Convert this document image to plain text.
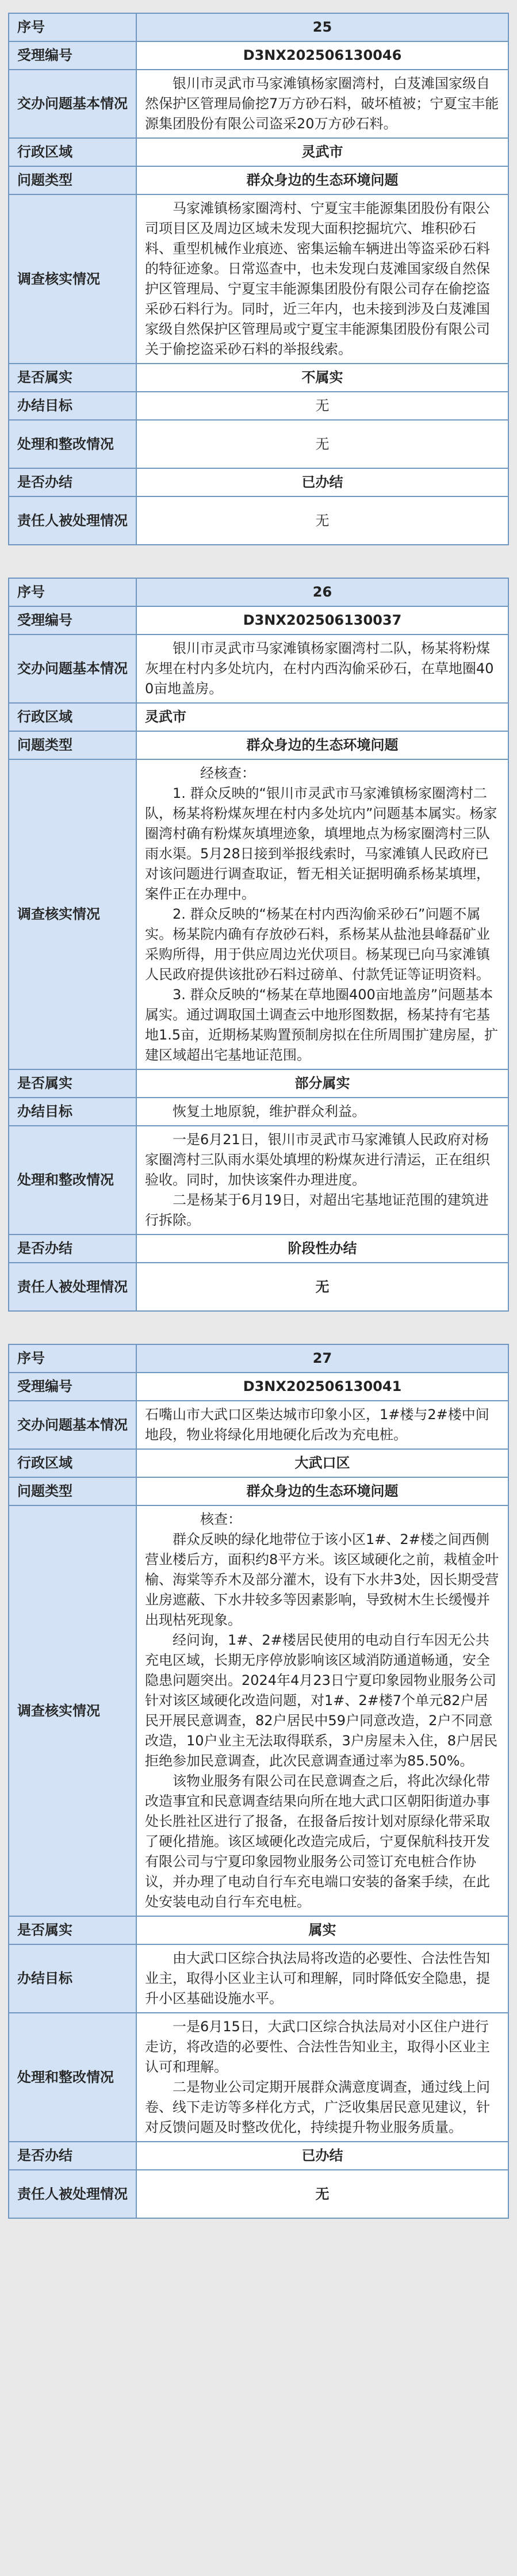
序号	25
受理编号	D3NX202506130046
交办问题基本情况	银川市灵武市马家滩镇杨家圈湾村，白芨滩国家级自然保护区管理局偷挖7万方砂石料，破坏植被；宁夏宝丰能源集团股份有限公司盗采20万方砂石料。

行政区域	灵武市
问题类型	群众身边的生态环境问题
调查核实情况	马家滩镇杨家圈湾村、宁夏宝丰能源集团股份有限公司项目区及周边区域未发现大面积挖掘坑穴、堆积砂石料、重型机械作业痕迹、密集运输车辆进出等盗采砂石料的特征迹象。日常巡查中，也未发现白芨滩国家级自然保护区管理局、宁夏宝丰能源集团股份有限公司存在偷挖盗采砂石料行为。同时，近三年内，也未接到涉及白芨滩国家级自然保护区管理局或宁夏宝丰能源集团股份有限公司关于偷挖盗采砂石料的举报线索。

是否属实	不属实
办结目标	无
处理和整改情况	无
是否办结	已办结
责任人被处理情况	无
序号	26
受理编号	D3NX202506130037
交办问题基本情况	银川市灵武市马家滩镇杨家圈湾村二队，杨某将粉煤灰埋在村内多处坑内，在村内西沟偷采砂石，在草地圈400亩地盖房。

行政区域	灵武市
问题类型	群众身边的生态环境问题
调查核实情况	经核查：

1. 群众反映的“银川市灵武市马家滩镇杨家圈湾村二队，杨某将粉煤灰埋在村内多处坑内”问题基本属实。杨家圈湾村确有粉煤灰填埋迹象，填埋地点为杨家圈湾村三队雨水渠。5月28日接到举报线索时，马家滩镇人民政府已对该问题进行调查取证，暂无相关证据明确系杨某填埋，案件正在办理中。

2. 群众反映的“杨某在村内西沟偷采砂石”问题不属实。杨某院内确有存放砂石料，系杨某从盐池县峰磊矿业采购所得，用于供应周边光伏项目。杨某现已向马家滩镇人民政府提供该批砂石料过磅单、付款凭证等证明资料。

3. 群众反映的“杨某在草地圈400亩地盖房”问题基本属实。通过调取国土调查云中地形图数据，杨某持有宅基地1.5亩，近期杨某购置预制房拟在住所周围扩建房屋，扩建区域超出宅基地证范围。

是否属实	部分属实
办结目标	恢复土地原貌，维护群众利益。

处理和整改情况	一是6月21日，银川市灵武市马家滩镇人民政府对杨家圈湾村三队雨水渠处填埋的粉煤灰进行清运，正在组织验收。同时，加快该案件办理进度。

二是杨某于6月19日，对超出宅基地证范围的建筑进行拆除。

是否办结	阶段性办结
责任人被处理情况	无
序号	27
受理编号	D3NX202506130041
交办问题基本情况	石嘴山市大武口区柴达城市印象小区，1#楼与2#楼中间地段，物业将绿化用地硬化后改为充电桩。

行政区域	大武口区
问题类型	群众身边的生态环境问题
调查核实情况	核查：

群众反映的绿化地带位于该小区1#、2#楼之间西侧营业楼后方，面积约8平方米。该区域硬化之前，栽植金叶榆、海棠等乔木及部分灌木，设有下水井3处，因长期受营业房遮蔽、下水井较多等因素影响，导致树木生长缓慢并出现枯死现象。

经问询，1#、2#楼居民使用的电动自行车因无公共充电区域，长期无序停放影响该区域消防通道畅通，安全隐患问题突出。2024年4月23日宁夏印象园物业服务公司针对该区域硬化改造问题，对1#、2#楼7个单元82户居民开展民意调查，82户居民中59户同意改造，2户不同意改造，10户业主无法取得联系，3户房屋未入住，8户居民拒绝参加民意调查，此次民意调查通过率为85.50%。

该物业服务有限公司在民意调查之后，将此次绿化带改造事宜和民意调查结果向所在地大武口区朝阳街道办事处长胜社区进行了报备，在报备后按计划对原绿化带采取了硬化措施。该区域硬化改造完成后，宁夏保航科技开发有限公司与宁夏印象园物业服务公司签订充电桩合作协议，并办理了电动自行车充电端口安装的备案手续，在此处安装电动自行车充电桩。

是否属实	属实
办结目标	由大武口区综合执法局将改造的必要性、合法性告知业主，取得小区业主认可和理解，同时降低安全隐患，提升小区基础设施水平。

处理和整改情况	一是6月15日，大武口区综合执法局对小区住户进行走访，将改造的必要性、合法性告知业主，取得小区业主认可和理解。

二是物业公司定期开展群众满意度调查，通过线上问卷、线下走访等多样化方式，广泛收集居民意见建议，针对反馈问题及时整改优化，持续提升物业服务质量。

是否办结	已办结
责任人被处理情况	无
